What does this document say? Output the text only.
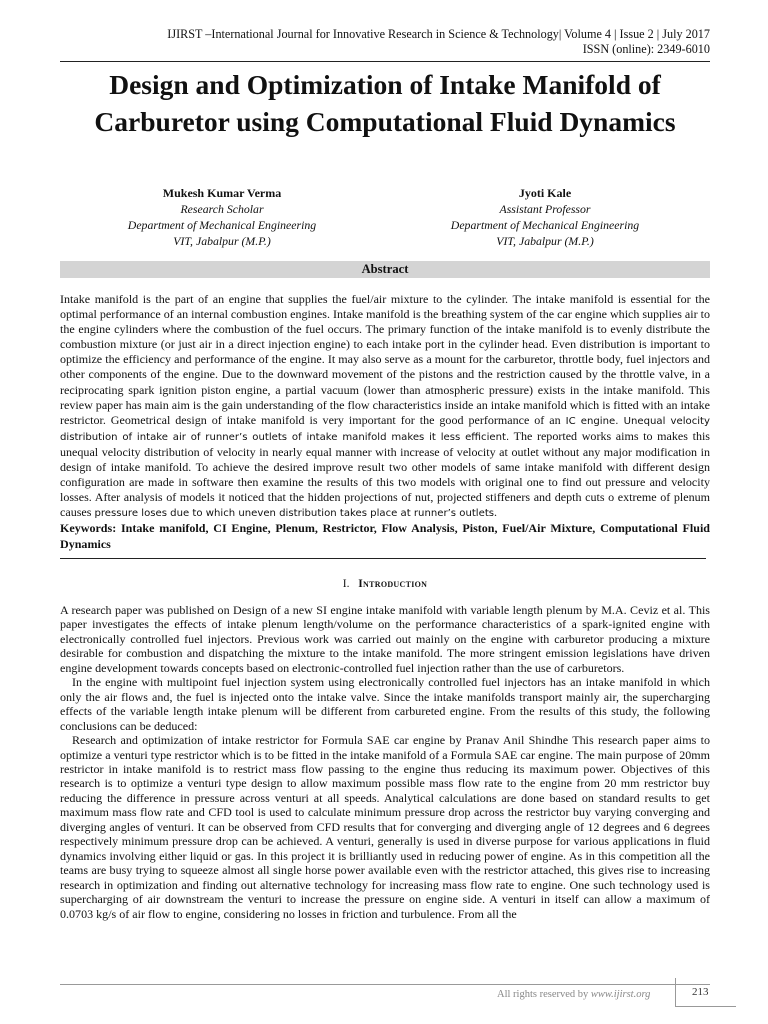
IJIRST –International Journal for Innovative Research in Science & Technology| Volume 4 | Issue 2 | July 2017
ISSN (online): 2349-6010
Design and Optimization of Intake Manifold of Carburetor using Computational Fluid Dynamics
Mukesh Kumar Verma
Research Scholar
Department of Mechanical Engineering
VIT, Jabalpur (M.P.)
Jyoti Kale
Assistant Professor
Department of Mechanical Engineering
VIT, Jabalpur (M.P.)
Abstract

Intake manifold is the part of an engine that supplies the fuel/air mixture to the cylinder. The intake manifold is essential for the optimal performance of an internal combustion engines. Intake manifold is the breathing system of the car engine which supplies air to the engine cylinders where the combustion of the fuel occurs. The primary function of the intake manifold is to evenly distribute the combustion mixture (or just air in a direct injection engine) to each intake port in the cylinder head. Even distribution is important to optimize the efficiency and performance of the engine. It may also serve as a mount for the carburetor, throttle body, fuel injectors and other components of the engine. Due to the downward movement of the pistons and the restriction caused by the throttle valve, in a reciprocating spark ignition piston engine, a partial vacuum (lower than atmospheric pressure) exists in the intake manifold. This review paper has main aim is the gain understanding of the flow characteristics inside an intake manifold which is fitted with an intake restrictor. Geometrical design of intake manifold is very important for the good performance of an IC engine. Unequal velocity distribution of intake air of runner’s outlets of intake manifold makes it less efficient. The reported works aims to makes this unequal velocity distribution of velocity in nearly equal manner with increase of velocity at outlet without any major modification in design of intake manifold. To achieve the desired improve result two other models of same intake manifold with different design configuration are made in software then examine the results of this two models with original one to find out pressure and velocity losses. After analysis of models it noticed that the hidden projections of nut, projected stiffeners and depth cuts o extreme of plenum causes pressure loses due to which uneven distribution takes place at runner’s outlets.

Keywords: Intake manifold, CI Engine, Plenum, Restrictor, Flow Analysis, Piston, Fuel/Air Mixture, Computational Fluid Dynamics

I. Introduction

A research paper was published on Design of a new SI engine intake manifold with variable length plenum by M.A. Ceviz et al. This paper investigates the effects of intake plenum length/volume on the performance characteristics of a spark-ignited engine with electronically controlled fuel injectors. Previous work was carried out mainly on the engine with carburetor producing a mixture desirable for combustion and dispatching the mixture to the intake manifold. The more stringent emission legislations have driven engine development towards concepts based on electronic-controlled fuel injection rather than the use of carburetors.

In the engine with multipoint fuel injection system using electronically controlled fuel injectors has an intake manifold in which only the air flows and, the fuel is injected onto the intake valve. Since the intake manifolds transport mainly air, the supercharging effects of the variable length intake plenum will be different from carbureted engine. From the results of this study, the following conclusions can be deduced:

Research and optimization of intake restrictor for Formula SAE car engine by Pranav Anil Shindhe This research paper aims to optimize a venturi type restrictor which is to be fitted in the intake manifold of a Formula SAE car engine. The main purpose of 20mm restrictor in intake manifold is to restrict mass flow passing to the engine thus reducing its maximum power. Objectives of this research is to optimize a venturi type design to allow maximum possible mass flow rate to the engine from 20 mm restrictor buy reducing the difference in pressure across venturi at all speeds. Analytical calculations are done based on standard results to get maximum mass flow rate and CFD tool is used to calculate minimum pressure drop across the restrictor buy varying converging and diverging angles of venturi. It can be observed from CFD results that for converging and diverging angle of 12 degrees and 6 degrees respectively minimum pressure drop can be achieved. A venturi, generally is used in diverse purpose for various applications in fluid dynamics involving either liquid or gas. In this project it is brilliantly used in reducing power of engine. As in this competition all the teams are busy trying to squeeze almost all single horse power available even with the restrictor attached, this gives rise to increasing research in optimization and finding out alternative technology for increasing mass flow rate to engine. One such technology used is supercharging of air downstream the venturi to increase the pressure on engine side. A venturi in itself can allow a maximum of 0.0703 kg/s of air flow to engine, considering no losses in friction and turbulence. From all the

All rights reserved by www.ijirst.org	213
